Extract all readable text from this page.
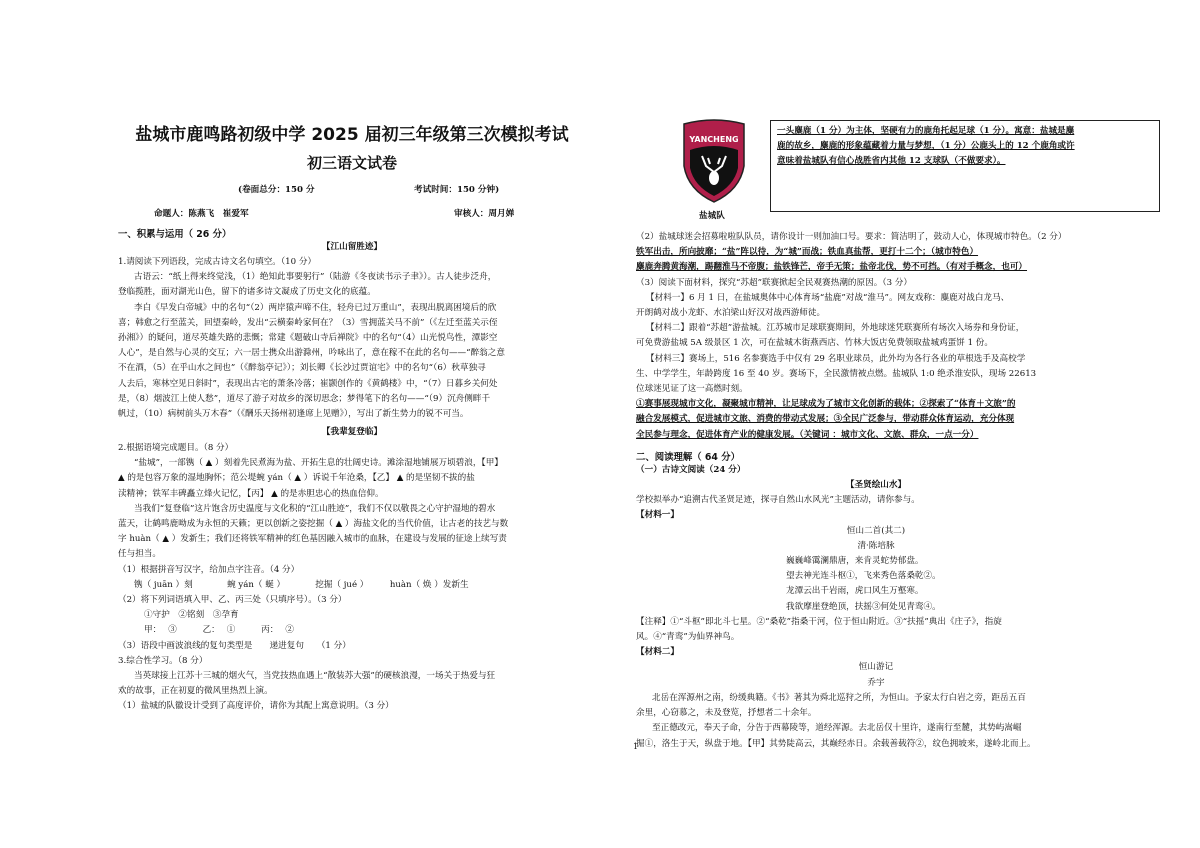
盐城市鹿鸣路初级中学 2025 届初三年级第三次模拟考试
初三语文试卷
(卷面总分：150 分	考试时间：150 分钟)
命题人：陈燕飞　崔爱军	审核人：周月婵
一、积累与运用（ 26 分）
【江山留胜迹】
1.请阅读下列语段，完成古诗文名句填空。（10 分）
古语云：“纸上得来终觉浅，（1）绝知此事要躬行”（陆游《冬夜读书示子聿》）。古人徒步泛舟，
登临揽胜，面对湖光山色，留下的诸多诗文凝成了历史文化的底蕴。
李白《早发白帝城》中的名句“（2）两岸猿声啼不住，轻舟已过万重山”，表现出脱离困境后的欣
喜；韩愈之行至蓝关，回望秦岭，发出“云横秦岭家何在？（3）雪拥蓝关马不前”（《左迁至蓝关示侄
孙湘》）的疑问，道尽英雄失路的悲慨；常建《题破山寺后禅院》中的名句“（4）山光悦鸟性，潭影空
人心”，是自然与心灵的交互；六一居士携众出游滁州，吟咏出了，意在稼不在此的名句——“醉翁之意
不在酒，（5）在乎山水之间也”（《醉翁亭记》）；刘长卿《长沙过贾谊宅》中的名句“（6）秋草独寻
人去后，寒林空见日斜时”，表现出古宅的萧条冷落；崔颢创作的《黄鹤楼》中，“（7）日暮乡关何处
是，（8）烟波江上使人愁”，道尽了游子对故乡的深切思念；梦得笔下的名句——“（9）沉舟侧畔千
帆过，（10）病树前头万木春”（《酬乐天扬州初逢席上见赠》），写出了新生势力的锐不可当。
【我辈复登临】
2.根据语境完成题目。（8 分）
“盐城”，一部镌（ ▲ ）刻着先民煮海为盐、开拓生息的壮阔史诗。滩涂湿地铺展万顷碧浪，【甲】
▲ 的是包容万象的湿地胸怀；范公堤蜿 yán（ ▲ ）诉说千年沧桑，【乙】 ▲ 的是坚韧不拔的盐
渎精神；铁军丰碑矗立烽火记忆，【丙】 ▲ 的是赤胆忠心的热血信仰。
当我们“复登临”这片饱含历史温度与文化积的“江山胜迹”，我们不仅以敬畏之心守护湿地的碧水
蓝天，让鹤鸣鹿呦成为永恒的天籁；更以创新之姿挖掘（ ▲ ）海盐文化的当代价值，让古老的技艺与数
字 huàn（ ▲ ）发新生；我们还将铁军精神的红色基因融入城市的血脉，在建设与发展的征途上续写责
任与担当。
（1）根据拼音写汉字，给加点字注音。（4 分）
镌（ juān ）刻　　　　蜿 yán（ 蜒 ）　　　　挖掘（ jué ）　　　huàn（ 焕 ）发新生
（2）将下列词语填入甲、乙、丙三处（只填序号）。（3 分）
①守护　②铭刻　③孕育
甲：　 ③　　　乙：　 ①　　　丙：　 ②
（3）语段中画波浪线的复句类型是　　递进复句　　（1 分）
3.综合性学习。（8 分）
当英球接上江苏十三城的烟火气，当党技热血遇上“散装苏大强”的硬核浪漫，一场关于热爱与狂
欢的故事，正在初夏的微风里热烈上演。
（1）盐城的队徽设计受到了高度评价，请你为其配上寓意说明。（3 分）
YANCHENG
盐城队
一头麋鹿（1 分）为主体，坚硬有力的鹿角托起足球（1 分）。寓意：盐城是麋
鹿的故乡，麋鹿的形象蕴藏着力量与梦想，（1 分）公鹿头上的 12 个鹿角或许
意味着盐城队有信心战胜省内其他 12 支球队（不做要求）。
（2）盐城球迷会招募啦啦队队员，请你设计一则加油口号。要求：简洁明了，鼓动人心，体现城市特色。（2 分）
铁军出击，所向披靡；“盐”阵以待，为“城”而战；铁血真盐帮，更打十二个；（城市特色）
麋鹿奔腾黄海潮，踢翻淮马不帝腹；盐铁锋芒，帝手无策；盐帝北伐，势不可挡。（有对手概念，也可）
（3）阅读下面材料，探究“苏超”联赛掀起全民观赛热潮的原因。（3 分）
【材料一】6 月 1 日，在盐城奥体中心体育场“盐鹿”对战“淮马”。网友戏称：麋鹿对战白龙马、
开朗鹤对战小龙虾、水泊梁山好汉对战西游师徒。
【材料二】跟着“苏超”游盐城。江苏城市足球联赛期间，外地球迷凭联赛所有场次入场券和身份证，
可免费游盐城 5A 级景区 1 次，可在盐城木街燕西店、竹林大饭店免费领取盐城鸡蛋饼 1 份。
【材料三】赛场上，516 名参赛选手中仅有 29 名职业球员，此外均为各行各业的草根选手及高校学
生、中学学生，年龄跨度 16 至 40 岁。赛场下，全民激情被点燃。盐城队 1:0 绝杀淮安队，现场 22613
位球迷见证了这一高燃时刻。
①赛事展现城市文化，凝聚城市精神，让足球成为了城市文化创新的载体；②探索了“体育＋文旅”的
融合发展模式，促进城市文旅、消费的带动式发展；③全民广泛参与，带动群众体育运动，充分体现
全民参与理念，促进体育产业的健康发展。（关键词 ：城市文化、文旅、群众，一点一分）
二、阅读理解（ 64 分）
（一）古诗文阅读（24 分）
【圣贤绘山水】
学校拟举办“追溯古代圣贤足迹，探寻自然山水风光”主题活动，请你参与。
【材料一】
恒山二首(其二)
清·陈培脉
巍巍峰霭澜鼎唐，来肯灵蛇势郁盘。
望去神光连斗枢①，飞来秀色落桑乾②。
龙潭云出千岩雨，虎口风生万壑寒。
我欲摩崖登绝顶，扶摇③何处见青鸾④。
【注释】①“斗枢”即北斗七星。②“桑乾”指桑干河，位于恒山附近。③“扶摇”典出《庄子》，指旋
风。④“青鸾”为仙界神鸟。
【材料二】
恒山游记
乔宇
北岳在浑源州之南，纷缓典籍。《书》著其为舜北巡狩之所，为恒山。予家太行白岩之旁，距岳五百
余里，心窃慕之，未及登览，抒想者二十余年。
至正德改元，奉天子命，分告于西幕陵等，道经浑源。去北岳仅十里许，遂南行至麓，其势屿嵩崛
掘①，洛生于天，纵盘于地。【甲】其势陡高云，其巅经赤日。余载善载符②，纹色拥坡来，遂岭北而上。
1
